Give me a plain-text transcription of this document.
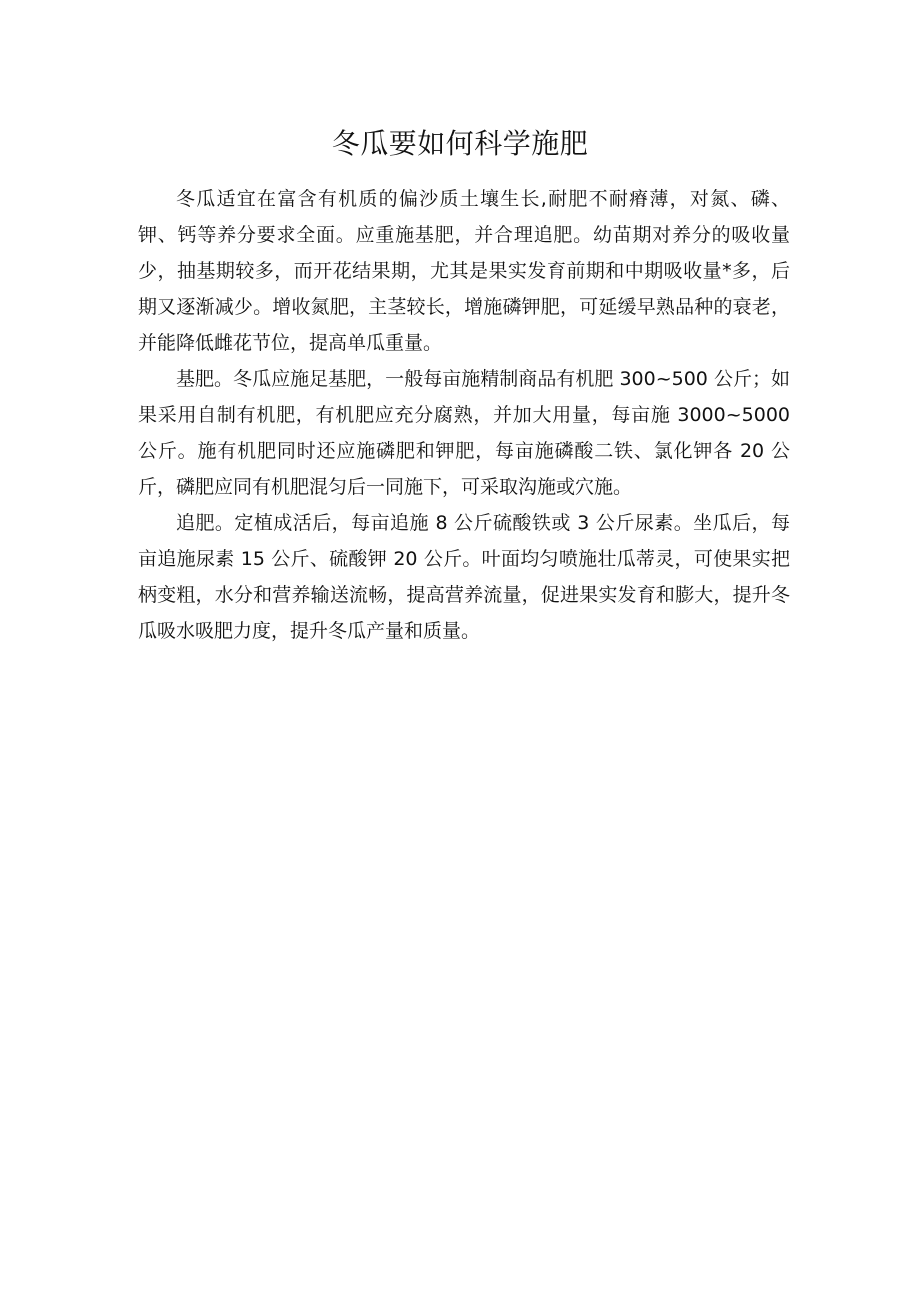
冬瓜要如何科学施肥

冬瓜适宜在富含有机质的偏沙质土壤生长,耐肥不耐瘠薄，对氮、磷、钾、钙等养分要求全面。应重施基肥，并合理追肥。幼苗期对养分的吸收量少，抽基期较多，而开花结果期，尤其是果实发育前期和中期吸收量*多，后期又逐渐减少。增收氮肥，主茎较长，增施磷钾肥，可延缓早熟品种的衰老，并能降低雌花节位，提高单瓜重量。

基肥。冬瓜应施足基肥，一般每亩施精制商品有机肥 300~500 公斤；如果采用自制有机肥，有机肥应充分腐熟，并加大用量，每亩施 3000~5000 公斤。施有机肥同时还应施磷肥和钾肥，每亩施磷酸二铁、氯化钾各 20 公斤，磷肥应同有机肥混匀后一同施下，可采取沟施或穴施。

追肥。定植成活后，每亩追施 8 公斤硫酸铁或 3 公斤尿素。坐瓜后，每亩追施尿素 15 公斤、硫酸钾 20 公斤。叶面均匀喷施壮瓜蒂灵，可使果实把柄变粗，水分和营养输送流畅，提高营养流量，促进果实发育和膨大，提升冬瓜吸水吸肥力度，提升冬瓜产量和质量。
